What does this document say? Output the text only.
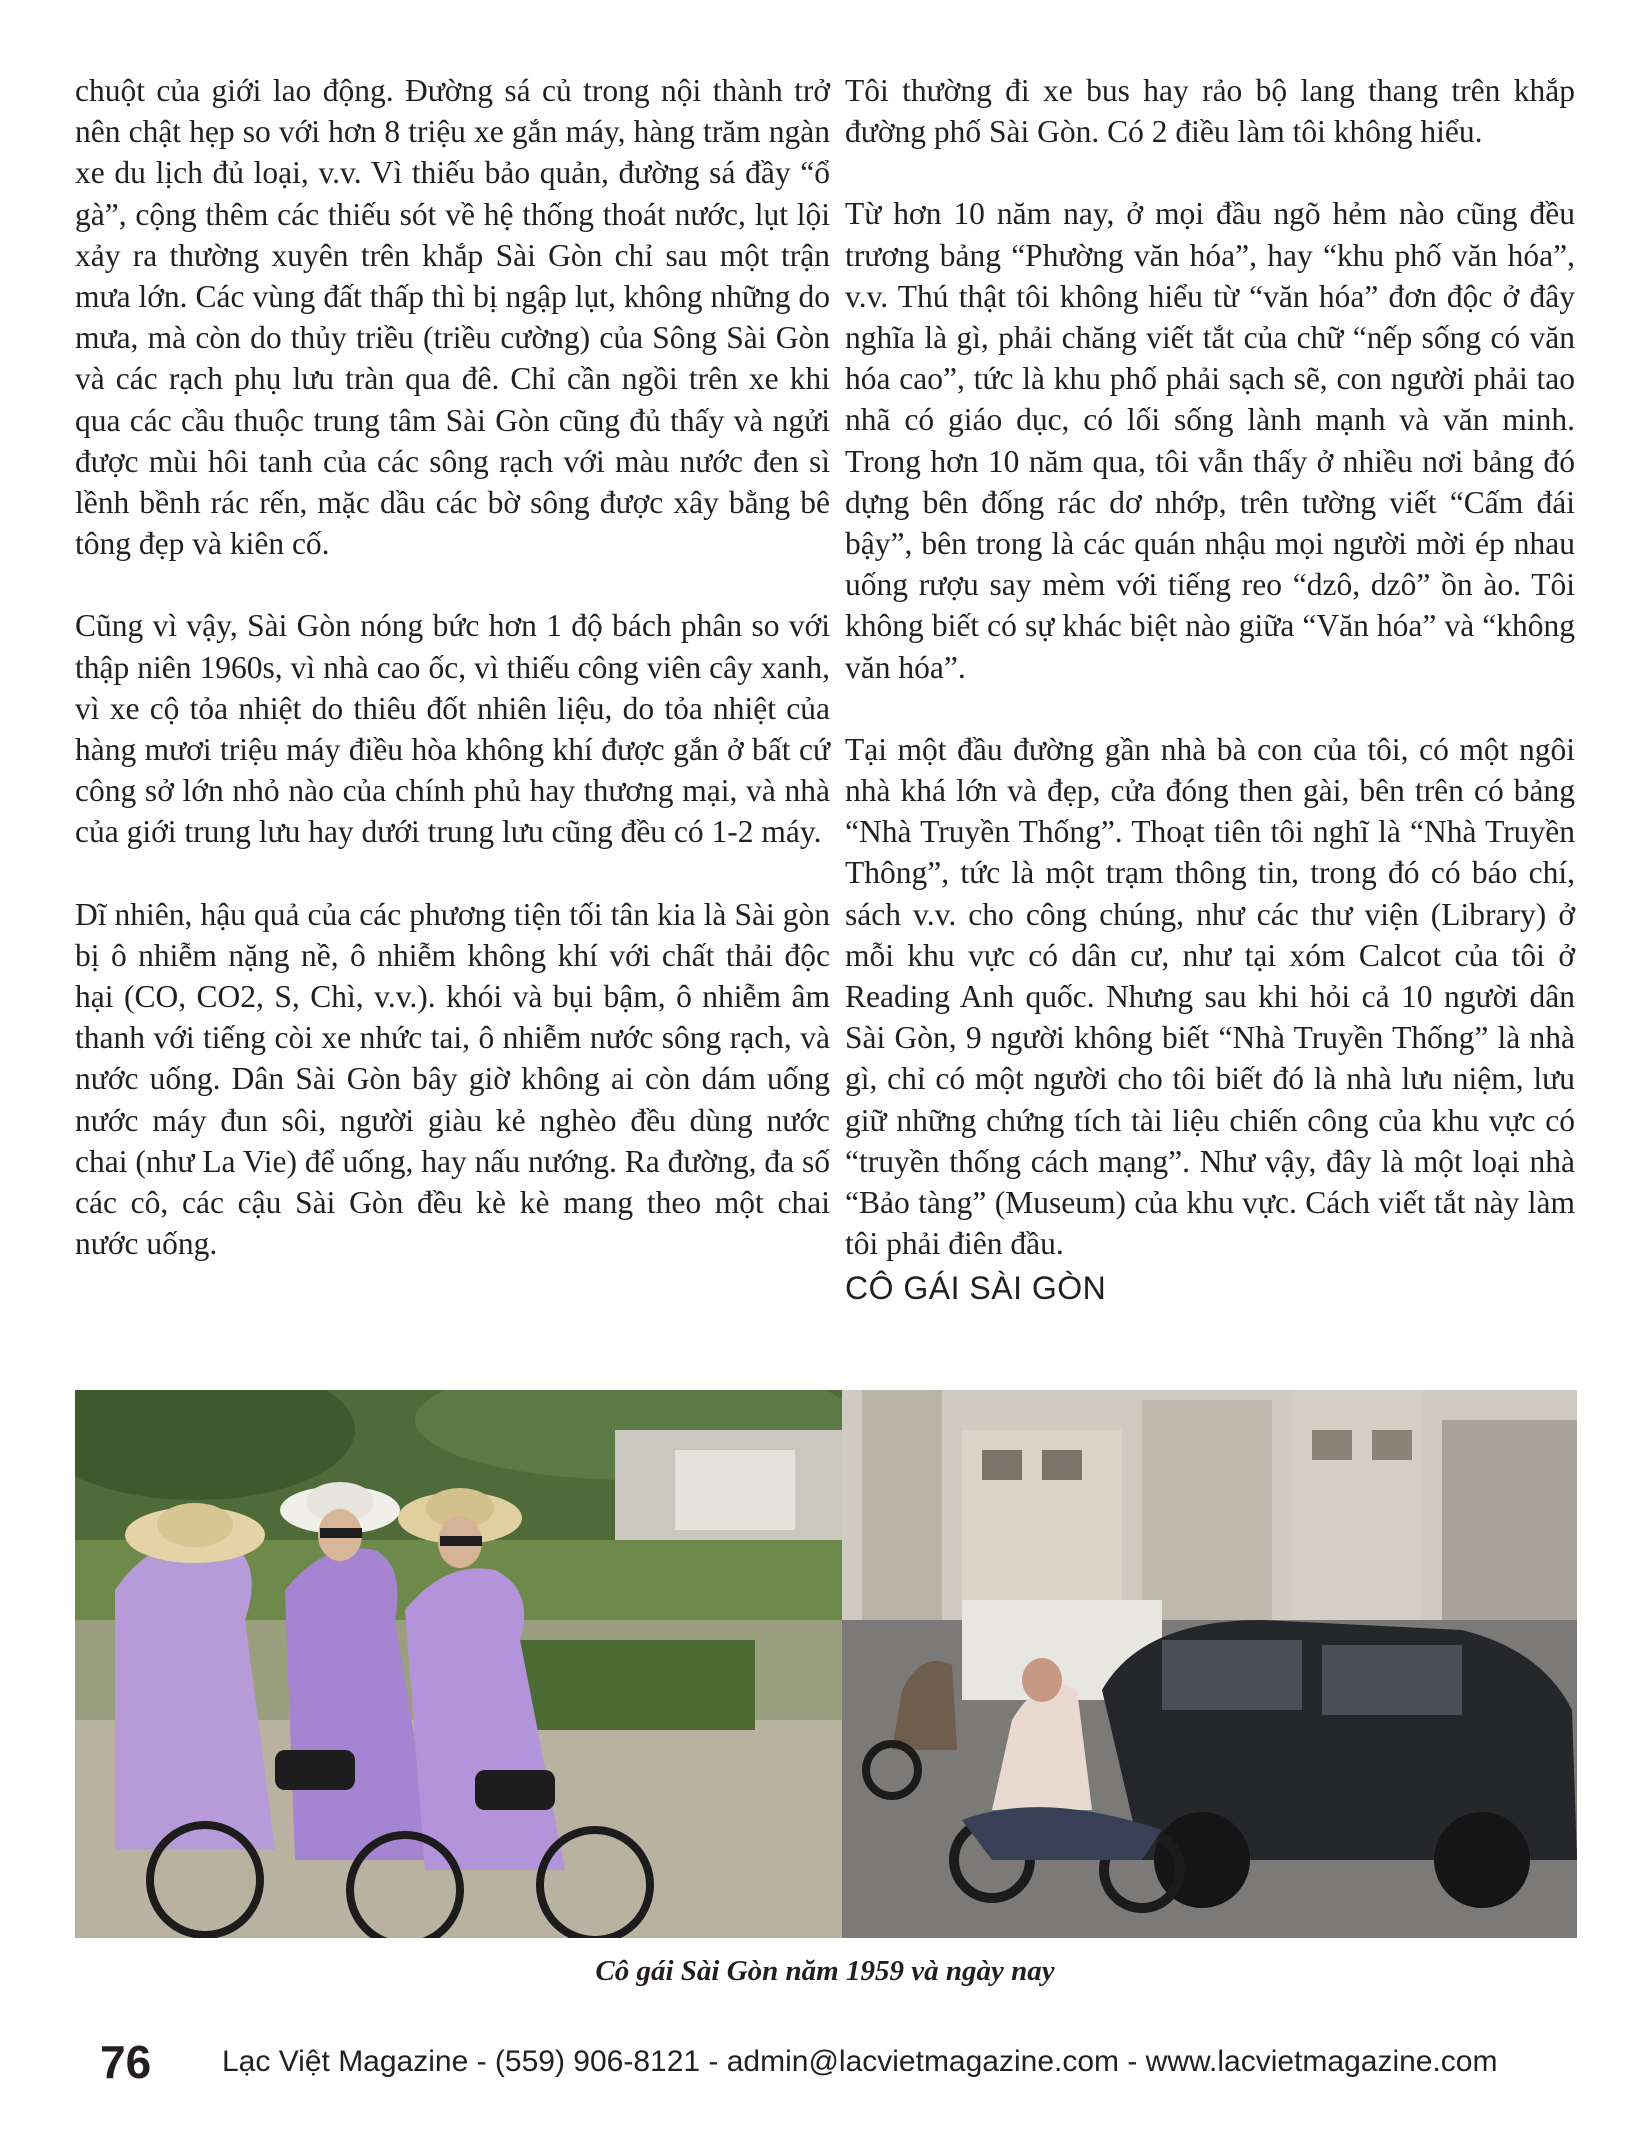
chuột của giới lao động. Đường sá củ trong nội thành trở nên chật hẹp so với hơn 8 triệu xe gắn máy, hàng trăm ngàn xe du lịch đủ loại, v.v. Vì thiếu bảo quản, đường sá đầy “ổ gà”, cộng thêm các thiếu sót về hệ thống thoát nước, lụt lội xảy ra thường xuyên trên khắp Sài Gòn chỉ sau một trận mưa lớn. Các vùng đất thấp thì bị ngập lụt, không những do mưa, mà còn do thủy triều (triều cường) của Sông Sài Gòn và các rạch phụ lưu tràn qua đê. Chỉ cần ngồi trên xe khi qua các cầu thuộc trung tâm Sài Gòn cũng đủ thấy và ngửi được mùi hôi tanh của các sông rạch với màu nước đen sì lềnh bềnh rác rến, mặc dầu các bờ sông được xây bằng bê tông đẹp và kiên cố.

Cũng vì vậy, Sài Gòn nóng bức hơn 1 độ bách phân so với thập niên 1960s, vì nhà cao ốc, vì thiếu công viên cây xanh, vì xe cộ tỏa nhiệt do thiêu đốt nhiên liệu, do tỏa nhiệt của hàng mươi triệu máy điều hòa không khí được gắn ở bất cứ công sở lớn nhỏ nào của chính phủ hay thương mại, và nhà của giới trung lưu hay dưới trung lưu cũng đều có 1-2 máy.

Dĩ nhiên, hậu quả của các phương tiện tối tân kia là Sài gòn bị ô nhiễm nặng nề, ô nhiễm không khí với chất thải độc hại (CO, CO2, S, Chì, v.v.). khói và bụi bậm, ô nhiễm âm thanh với tiếng còi xe nhức tai, ô nhiễm nước sông rạch, và nước uống. Dân Sài Gòn bây giờ không ai còn dám uống nước máy đun sôi, người giàu kẻ nghèo đều dùng nước chai (như La Vie) để uống, hay nấu nướng. Ra đường, đa số các cô, các cậu Sài Gòn đều kè kè mang theo một chai nước uống.

Tôi thường đi xe bus hay rảo bộ lang thang trên khắp đường phố Sài Gòn. Có 2 điều làm tôi không hiểu.

Từ hơn 10 năm nay, ở mọi đầu ngõ hẻm nào cũng đều trương bảng “Phường văn hóa”, hay “khu phố văn hóa”, v.v. Thú thật tôi không hiểu từ “văn hóa” đơn độc ở đây nghĩa là gì, phải chăng viết tắt của chữ “nếp sống có văn hóa cao”, tức là khu phố phải sạch sẽ, con người phải tao nhã có giáo dục, có lối sống lành mạnh và văn minh. Trong hơn 10 năm qua, tôi vẫn thấy ở nhiều nơi bảng đó dựng bên đống rác dơ nhớp, trên tường viết “Cấm đái bậy”, bên trong là các quán nhậu mọi người mời ép nhau uống rượu say mèm với tiếng reo “dzô, dzô” ồn ào. Tôi không biết có sự khác biệt nào giữa “Văn hóa” và “không văn hóa”.

Tại một đầu đường gần nhà bà con của tôi, có một ngôi nhà khá lớn và đẹp, cửa đóng then gài, bên trên có bảng “Nhà Truyền Thống”. Thoạt tiên tôi nghĩ là “Nhà Truyền Thông”, tức là một trạm thông tin, trong đó có báo chí, sách v.v. cho công chúng, như các thư viện (Library) ở mỗi khu vực có dân cư, như tại xóm Calcot của tôi ở Reading Anh quốc. Nhưng sau khi hỏi cả 10 người dân Sài Gòn, 9 người không biết “Nhà Truyền Thống” là nhà gì, chỉ có một người cho tôi biết đó là nhà lưu niệm, lưu giữ những chứng tích tài liệu chiến công của khu vực có “truyền thống cách mạng”. Như vậy, đây là một loại nhà “Bảo tàng” (Museum) của khu vực. Cách viết tắt này làm tôi phải điên đầu.

CÔ GÁI SÀI GÒN
Cô gái Sài Gòn năm 1959 và ngày nay
76 Lạc Việt Magazine - (559) 906-8121 - admin@lacvietmagazine.com - www.lacvietmagazine.com
